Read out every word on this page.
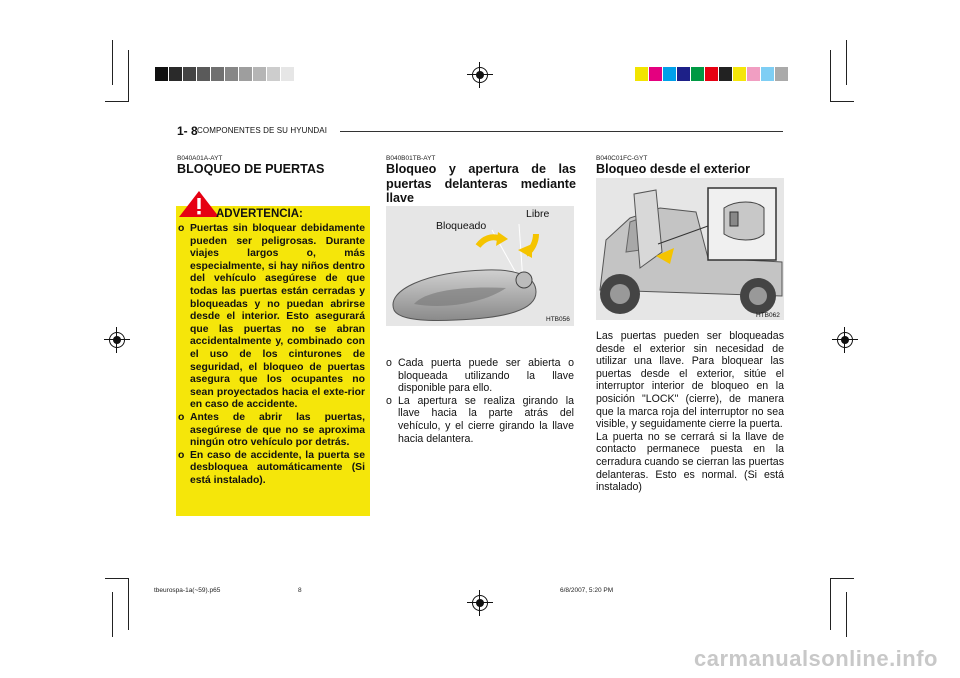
1- 8 COMPONENTES DE SU HYUNDAI
B040A01A-AYT
BLOQUEO DE PUERTAS
ADVERTENCIA:
o Puertas sin bloquear debidamente pueden ser peligrosas. Durante viajes largos o, más especialmente, si hay niños dentro del vehículo asegúrese de que todas las puertas están cerradas y bloqueadas y no puedan abrirse desde el interior. Esto asegurará que las puertas no se abran accidentalmente y, combinado con el uso de los cinturones de seguridad, el bloqueo de puertas asegura que los ocupantes no sean proyectados hacia el exte-rior en caso de accidente.
o Antes de abrir las puertas, asegúrese de que no se aproxima ningún otro vehículo por detrás.
o En caso de accidente, la puerta se desbloquea automáticamente (Si está instalado).
B040B01TB-AYT
Bloqueo y apertura de las puertas delanteras mediante llave
Bloqueado
Libre
HTB056
o Cada puerta puede ser abierta o bloqueada utilizando la llave disponible para ello.
o La apertura se realiza girando la llave hacia la parte atrás del vehículo, y el cierre girando la llave hacia delantera.
B040C01FC-GYT
Bloqueo desde el exterior
HTB062
Las puertas pueden ser bloqueadas desde el exterior sin necesidad de utilizar una llave. Para bloquear las puertas desde el exterior, sitúe el interruptor interior de bloqueo en la posición "LOCK" (cierre), de manera que la marca roja del interruptor no sea visible, y seguidamente cierre la puerta.
La puerta no se cerrará si la llave de contacto permanece puesta en la cerradura cuando se cierran las puertas delanteras. Esto es normal. (Si está instalado)
tbeurospa-1a(~59).p65	8	6/8/2007, 5:20 PM
carmanualsonline.info
